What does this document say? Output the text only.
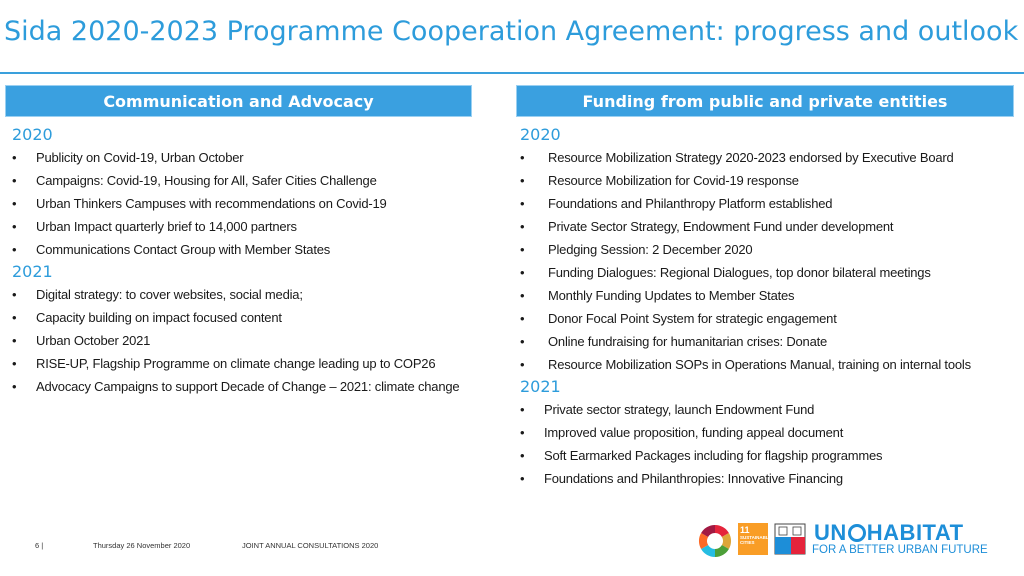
Sida 2020-2023 Programme Cooperation Agreement: progress and outlook
Communication and Advocacy	Funding from public and private entities
2020
•	Publicity on Covid-19, Urban October
•	Campaigns: Covid-19, Housing for All, Safer Cities Challenge
•	Urban Thinkers Campuses with recommendations on Covid-19
•	Urban Impact quarterly brief to 14,000 partners
•	Communications Contact Group with Member States
2021
•	Digital strategy: to cover websites, social media;
•	Capacity building on impact focused content
•	Urban October 2021
•	RISE-UP, Flagship Programme on climate change leading up to COP26
•	Advocacy Campaigns to support Decade of Change – 2021: climate change
2020
•	Resource Mobilization Strategy 2020-2023 endorsed by Executive Board
•	Resource Mobilization for Covid-19 response
•	Foundations and Philanthropy Platform established
•	Private Sector Strategy, Endowment Fund under development
•	Pledging Session: 2 December 2020
•	Funding Dialogues: Regional Dialogues, top donor bilateral meetings
•	Monthly Funding Updates to Member States
•	Donor Focal Point System for strategic engagement
•	Online fundraising for humanitarian crises: Donate
•	Resource Mobilization SOPs in Operations Manual, training on internal tools
2021
•	Private sector strategy, launch Endowment Fund
•	Improved value proposition, funding appeal document
•	Soft Earmarked Packages including for flagship programmes
•	Foundations and Philanthropies: Innovative Financing
6 |	Thursday 26 November 2020	JOINT ANNUAL CONSULTATIONS 2020
11
SUSTAINABLE CITIES	UN HABITAT
FOR A BETTER URBAN FUTURE
